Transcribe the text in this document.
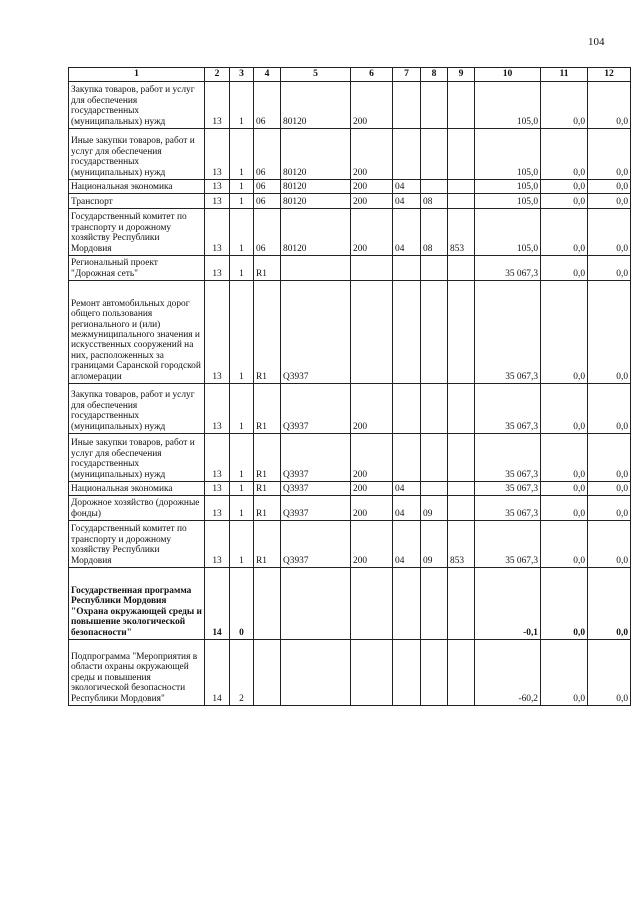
104
1	2	3	4	5	6	7	8	9	10	11	12
Закупка товаров, работ и услуг для обеспечения государственных (муниципальных) нужд	13	1	06	80120	200				105,0	0,0	0,0
Иные закупки товаров, работ и услуг для обеспечения государственных (муниципальных) нужд	13	1	06	80120	200				105,0	0,0	0,0
Национальная экономика	13	1	06	80120	200	04			105,0	0,0	0,0
Транспорт	13	1	06	80120	200	04	08		105,0	0,0	0,0
Государственный комитет по транспорту и дорожному хозяйству Республики Мордовия	13	1	06	80120	200	04	08	853	105,0	0,0	0,0
Региональный проект "Дорожная сеть"	13	1	R1						35 067,3	0,0	0,0
Ремонт автомобильных дорог общего пользования регионального и (или) межмуниципального значения и искусственных сооружений на них, расположенных за границами Саранской городской агломерации	13	1	R1	Q3937					35 067,3	0,0	0,0
Закупка товаров, работ и услуг для обеспечения государственных (муниципальных) нужд	13	1	R1	Q3937	200				35 067,3	0,0	0,0
Иные закупки товаров, работ и услуг для обеспечения государственных (муниципальных) нужд	13	1	R1	Q3937	200				35 067,3	0,0	0,0
Национальная экономика	13	1	R1	Q3937	200	04			35 067,3	0,0	0,0
Дорожное хозяйство (дорожные фонды)	13	1	R1	Q3937	200	04	09		35 067,3	0,0	0,0
Государственный комитет по транспорту и дорожному хозяйству Республики Мордовия	13	1	R1	Q3937	200	04	09	853	35 067,3	0,0	0,0
Государственная программа Республики Мордовия "Охрана окружающей среды и повышение экологической безопасности"	14	0							-0,1	0,0	0,0
Подпрограмма "Мероприятия в области охраны окружающей среды и повышения экологической безопасности Республики Мордовия"	14	2							-60,2	0,0	0,0
